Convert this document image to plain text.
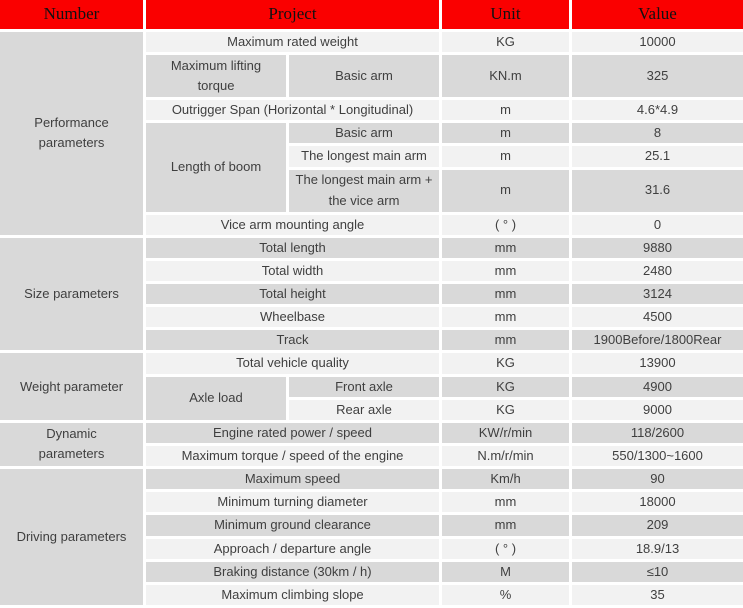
Number	Project		Unit	Value
Performance parameters	Maximum rated weight		KG	10000
	Maximum lifting torque	Basic arm	KN.m	325
	Outrigger Span (Horizontal * Longitudinal)		m	4.6*4.9
	Length of boom	Basic arm	m	8
		The longest main arm	m	25.1
		The longest main arm + the vice arm	m	31.6
	Vice arm mounting angle		( ° )	0
Size parameters	Total length		mm	9880
	Total width		mm	2480
	Total height		mm	3124
	Wheelbase		mm	4500
	Track		mm	1900Before/1800Rear
Weight parameter	Total vehicle quality		KG	13900
	Axle load	Front axle	KG	4900
		Rear axle	KG	9000
Dynamic parameters	Engine rated power / speed		KW/r/min	118/2600
	Maximum torque / speed of the engine		N.m/r/min	550/1300~1600
Driving parameters	Maximum speed		Km/h	90
	Minimum turning diameter		mm	18000
	Minimum ground clearance		mm	209
	Approach / departure angle		( ° )	18.9/13
	Braking distance (30km / h)		M	≤10
	Maximum climbing slope		%	35
